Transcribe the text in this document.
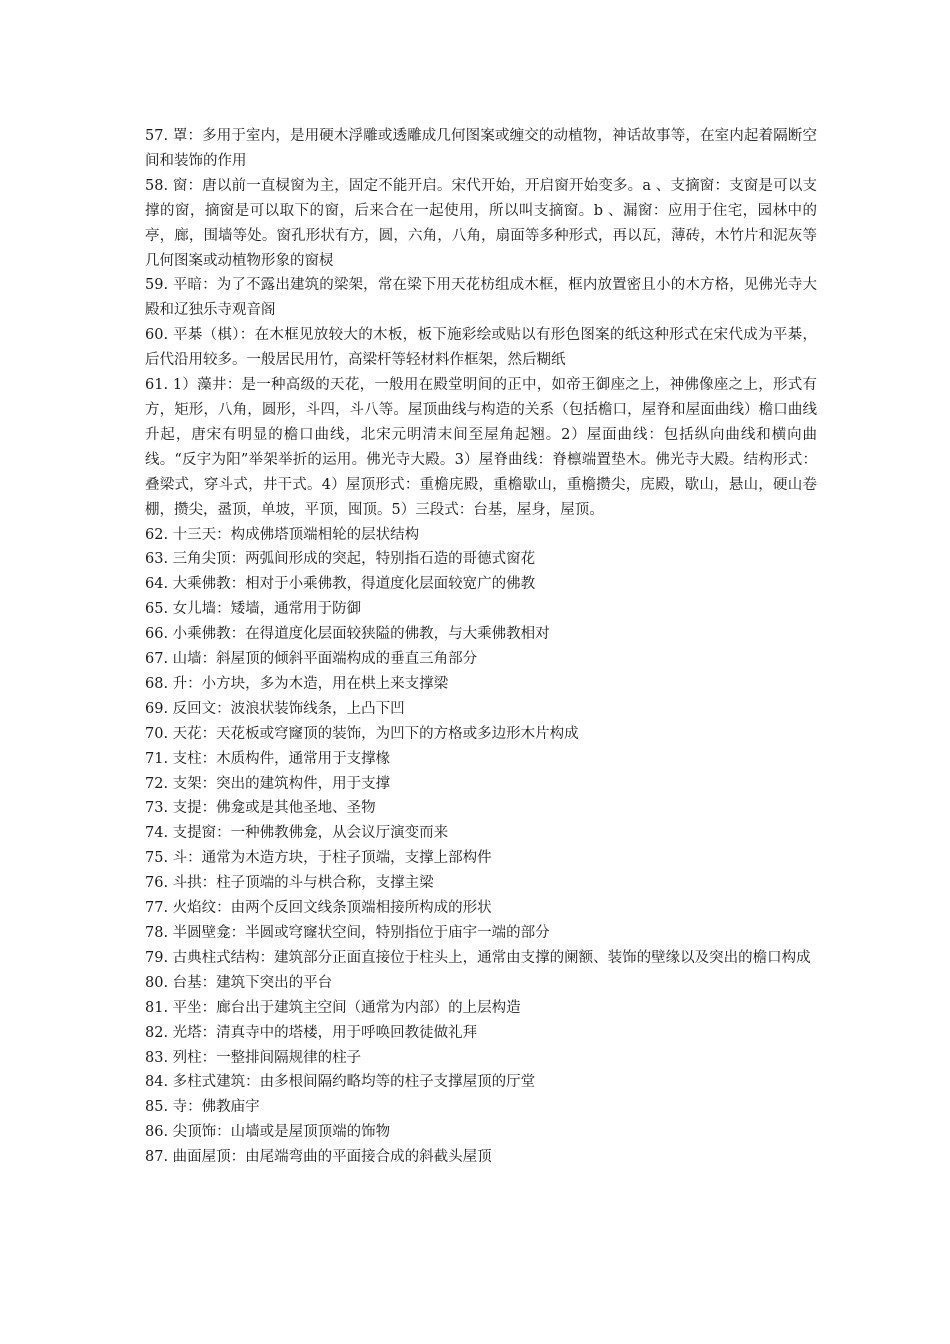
57. 罩：多用于室内，是用硬木浮雕或透雕成几何图案或缠交的动植物，神话故事等，在室内起着隔断空间和装饰的作用

58. 窗：唐以前一直棂窗为主，固定不能开启。宋代开始，开启窗开始变多。a 、支摘窗：支窗是可以支撑的窗，摘窗是可以取下的窗，后来合在一起使用，所以叫支摘窗。b 、漏窗：应用于住宅，园林中的亭，廊，围墙等处。窗孔形状有方，圆，六角，八角，扇面等多种形式，再以瓦，薄砖，木竹片和泥灰等几何图案或动植物形象的窗棂

59. 平暗：为了不露出建筑的梁架，常在梁下用天花枋组成木框，框内放置密且小的木方格，见佛光寺大殿和辽独乐寺观音阁

60. 平棊（棋）：在木框见放较大的木板，板下施彩绘或贴以有形色图案的纸这种形式在宋代成为平棊，后代沿用较多。一般居民用竹，高梁杆等轻材料作框架，然后糊纸

61. 1）藻井：是一种高级的天花，一般用在殿堂明间的正中，如帝王御座之上，神佛像座之上，形式有方，矩形，八角，圆形，斗四，斗八等。屋顶曲线与构造的关系（包括檐口，屋脊和屋面曲线）檐口曲线升起，唐宋有明显的檐口曲线，北宋元明清末间至屋角起翘。2）屋面曲线：包括纵向曲线和横向曲线。“反宇为阳”举架举折的运用。佛光寺大殿。3）屋脊曲线：脊檩端置垫木。佛光寺大殿。结构形式：叠梁式，穿斗式，井干式。4）屋顶形式：重檐庑殿，重檐歇山，重檐攒尖，庑殿，歇山，悬山，硬山卷棚，攒尖，盝顶，单坡，平顶，囤顶。5）三段式：台基，屋身，屋顶。

62. 十三天：构成佛塔顶端相轮的层状结构

63. 三角尖顶：两弧间形成的突起，特别指石造的哥德式窗花

64. 大乘佛教：相对于小乘佛教，得道度化层面较宽广的佛教

65. 女儿墙：矮墙，通常用于防御

66. 小乘佛教：在得道度化层面较狭隘的佛教，与大乘佛教相对

67. 山墙：斜屋顶的倾斜平面端构成的垂直三角部分

68. 升：小方块，多为木造，用在栱上来支撑梁

69. 反回文：波浪状装饰线条，上凸下凹

70. 天花：天花板或穹窿顶的装饰，为凹下的方格或多边形木片构成

71. 支柱：木质构件，通常用于支撑椽

72. 支架：突出的建筑构件，用于支撑

73. 支提：佛龛或是其他圣地、圣物

74. 支提窗：一种佛教佛龛，从会议厅演变而来

75. 斗：通常为木造方块，于柱子顶端，支撑上部构件

76. 斗拱：柱子顶端的斗与栱合称，支撑主梁

77. 火焰纹：由两个反回文线条顶端相接所构成的形状

78. 半圆壁龛：半圆或穹窿状空间，特别指位于庙宇一端的部分

79. 古典柱式结构：建筑部分正面直接位于柱头上，通常由支撑的阑额、装饰的壁缘以及突出的檐口构成

80. 台基：建筑下突出的平台

81. 平坐：廊台出于建筑主空间（通常为内部）的上层构造

82. 光塔：清真寺中的塔楼，用于呼唤回教徒做礼拜

83. 列柱：一整排间隔规律的柱子

84. 多柱式建筑：由多根间隔约略均等的柱子支撑屋顶的厅堂

85. 寺：佛教庙宇

86. 尖顶饰：山墙或是屋顶顶端的饰物

87. 曲面屋顶：由尾端弯曲的平面接合成的斜截头屋顶
